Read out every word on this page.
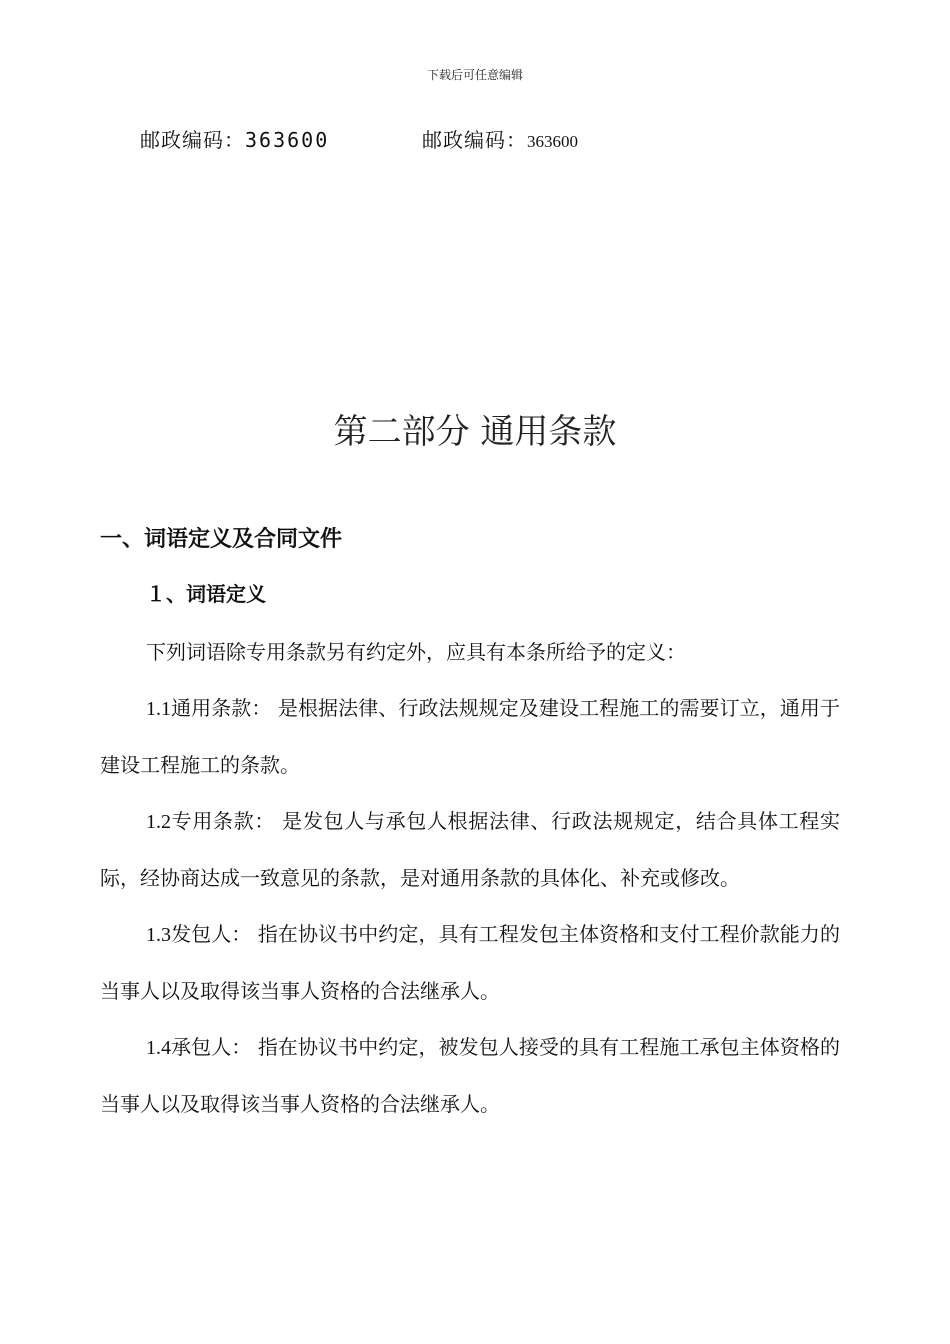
下载后可任意编辑
邮政编码：363600	邮政编码：363600
第二部分 通用条款
一、词语定义及合同文件
１、词语定义

下列词语除专用条款另有约定外，应具有本条所给予的定义：

1.1通用条款： 是根据法律、行政法规规定及建设工程施工的需要订立，通用于建设工程施工的条款。

1.2专用条款： 是发包人与承包人根据法律、行政法规规定，结合具体工程实际，经协商达成一致意见的条款，是对通用条款的具体化、补充或修改。

1.3发包人： 指在协议书中约定，具有工程发包主体资格和支付工程价款能力的当事人以及取得该当事人资格的合法继承人。

1.4承包人： 指在协议书中约定，被发包人接受的具有工程施工承包主体资格的当事人以及取得该当事人资格的合法继承人。
